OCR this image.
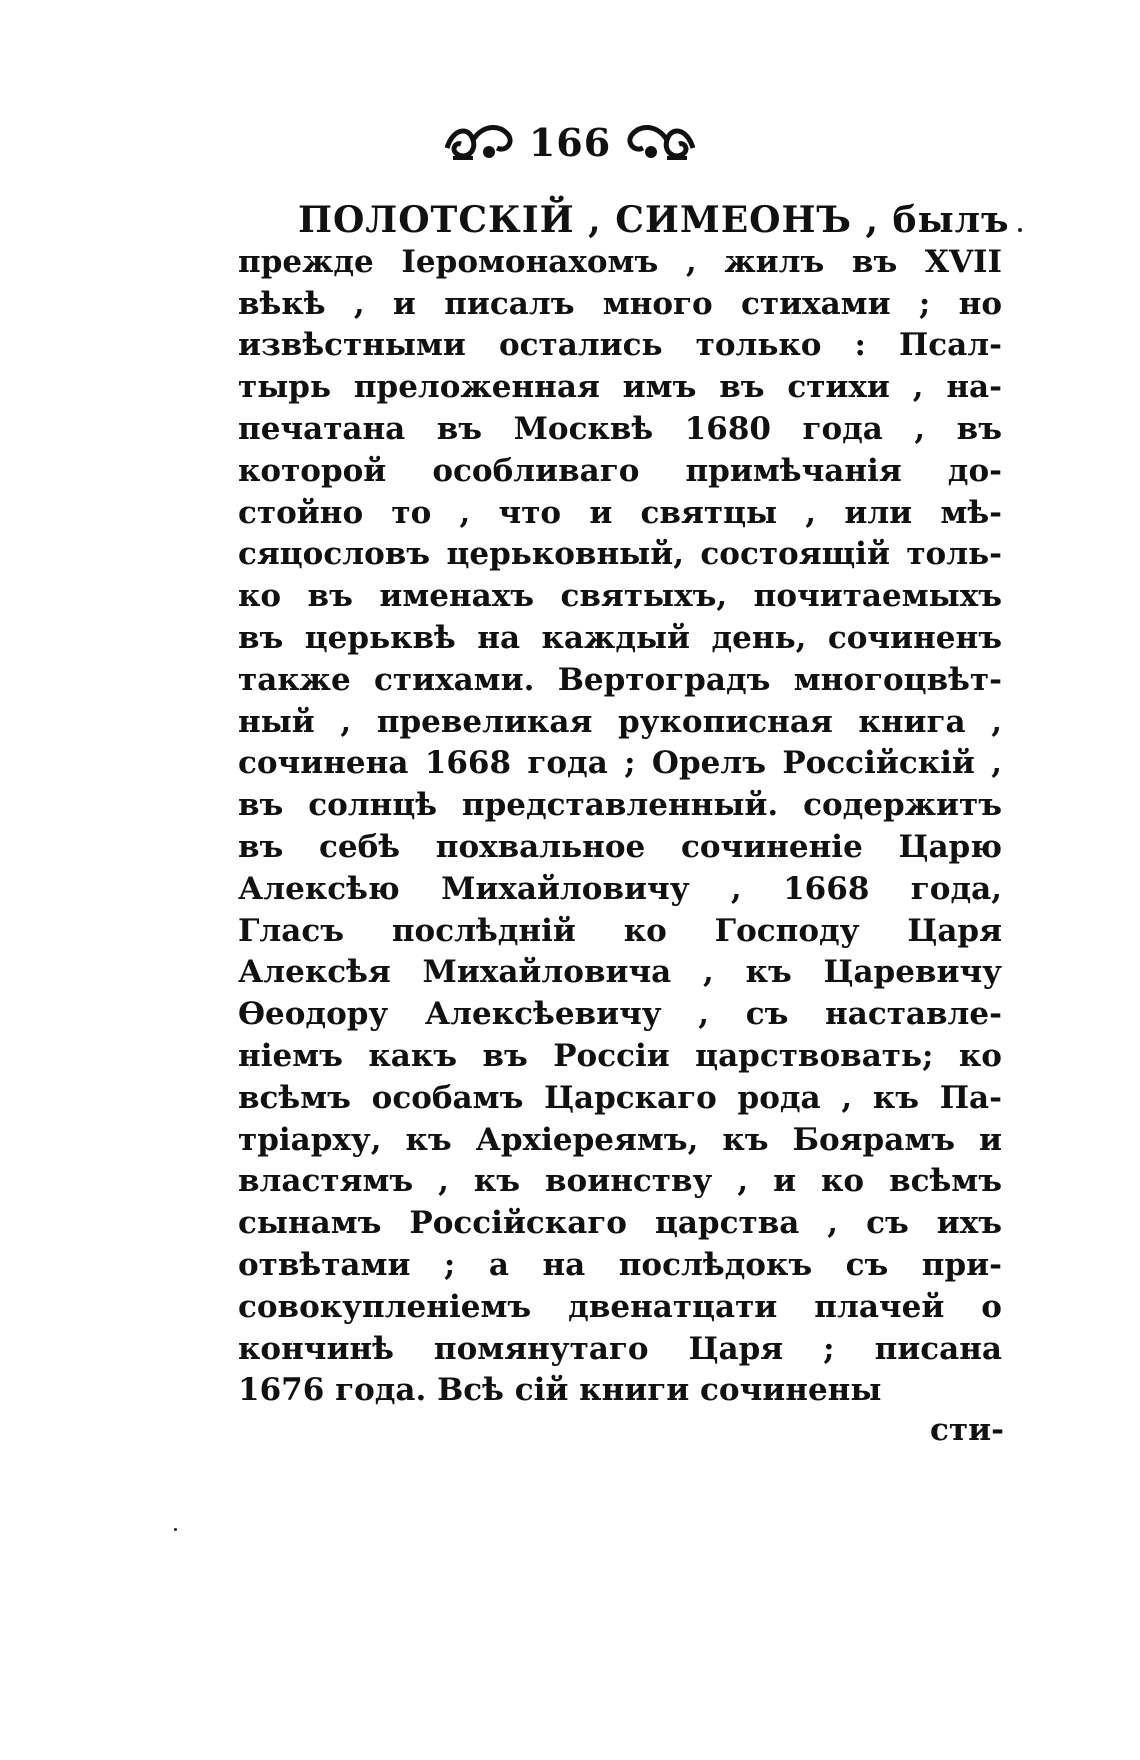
166
ПОЛОТСКІЙ , СИМЕОНЪ , былъ
прежде Іеромонахомъ , жилъ въ XVII
вѣкѣ , и писалъ много стихами ; но
извѣстными остались только : Псал-
тырь преложенная имъ въ стихи , на-
печатана въ Москвѣ 1680 года , въ
которой особливаго примѣчанія до-
стойно то , что и святцы , или мѣ-
сяцословъ церьковный, состоящій толь-
ко въ именахъ святыхъ, почитаемыхъ
въ церьквѣ на каждый день, сочиненъ
также стихами. Вертоградъ многоцвѣт-
ный , превеликая рукописная книга ,
сочинена 1668 года ; Орелъ Россійскій ,
въ солнцѣ представленный. содержитъ
въ себѣ похвальное сочиненіе Царю
Алексѣю Михайловичу , 1668 года,
Гласъ послѣдній ко Господу Царя
Алексѣя Михайловича , къ Царевичу
Ѳеодору Алексѣевичу , съ наставле-
ніемъ какъ въ Россіи царствовать; ко
всѣмъ особамъ Царскаго рода , къ Па-
тріарху, къ Архіереямъ, къ Боярамъ и
властямъ , къ воинству , и ко всѣмъ
сынамъ Россійскаго царства , съ ихъ
отвѣтами ; а на послѣдокъ съ при-
совокупленіемъ двенатцати плачей о
кончинѣ помянутаго Царя ; писана
1676 года. Всѣ сій книги сочинены
сти-
